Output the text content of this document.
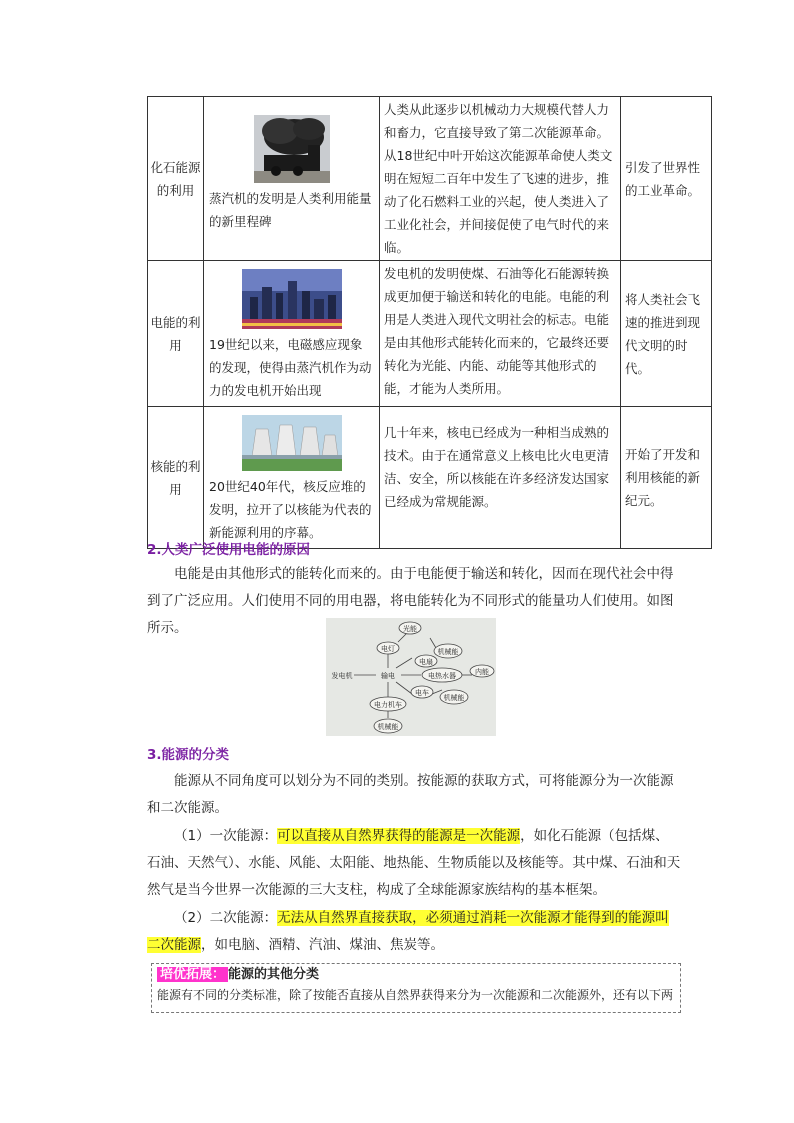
化石能源的利用	蒸汽机的发明是人类利用能量的新里程碑	人类从此逐步以机械动力大规模代替人力和畜力，它直接导致了第二次能源革命。从18世纪中叶开始这次能源革命使人类文明在短短二百年中发生了飞速的进步，推动了化石燃料工业的兴起，使人类进入了工业化社会，并间接促使了电气时代的来临。	引发了世界性的工业革命。
电能的利用	19世纪以来，电磁感应现象的发现，使得由蒸汽机作为动力的发电机开始出现	发电机的发明使煤、石油等化石能源转换成更加便于输送和转化的电能。电能的利用是人类进入现代文明社会的标志。电能是由其他形式能转化而来的，它最终还要转化为光能、内能、动能等其他形式的能，才能为人类所用。	将人类社会飞速的推进到现代文明的时代。
核能的利用	20世纪40年代，核反应堆的发明，拉开了以核能为代表的新能源利用的序幕。	几十年来，核电已经成为一种相当成熟的技术。由于在通常意义上核电比火电更清洁、安全，所以核能在许多经济发达国家已经成为常规能源。	开始了开发和利用核能的新纪元。
2.人类广泛使用电能的原因
电能是由其他形式的能转化而来的。由于电能便于输送和转化，因而在现代社会中得到了广泛应用。人们使用不同的用电器，将电能转化为不同形式的能量功人们使用。如图所示。
发电机	输电
电灯
光能
电扇
机械能
电热水器	内能
电车
机械能
电力机车
机械能
3.能源的分类
能源从不同角度可以划分为不同的类别。按能源的获取方式，可将能源分为一次能源和二次能源。
（1）一次能源：可以直接从自然界获得的能源是一次能源，如化石能源（包括煤、石油、天然气）、水能、风能、太阳能、地热能、生物质能以及核能等。其中煤、石油和天然气是当今世界一次能源的三大支柱，构成了全球能源家族结构的基本框架。
（2）二次能源：无法从自然界直接获取，必须通过消耗一次能源才能得到的能源叫二次能源，如电脑、酒精、汽油、煤油、焦炭等。
培优拓展： 能源的其他分类
能源有不同的分类标准，除了按能否直接从自然界获得来分为一次能源和二次能源外，还有以下两
